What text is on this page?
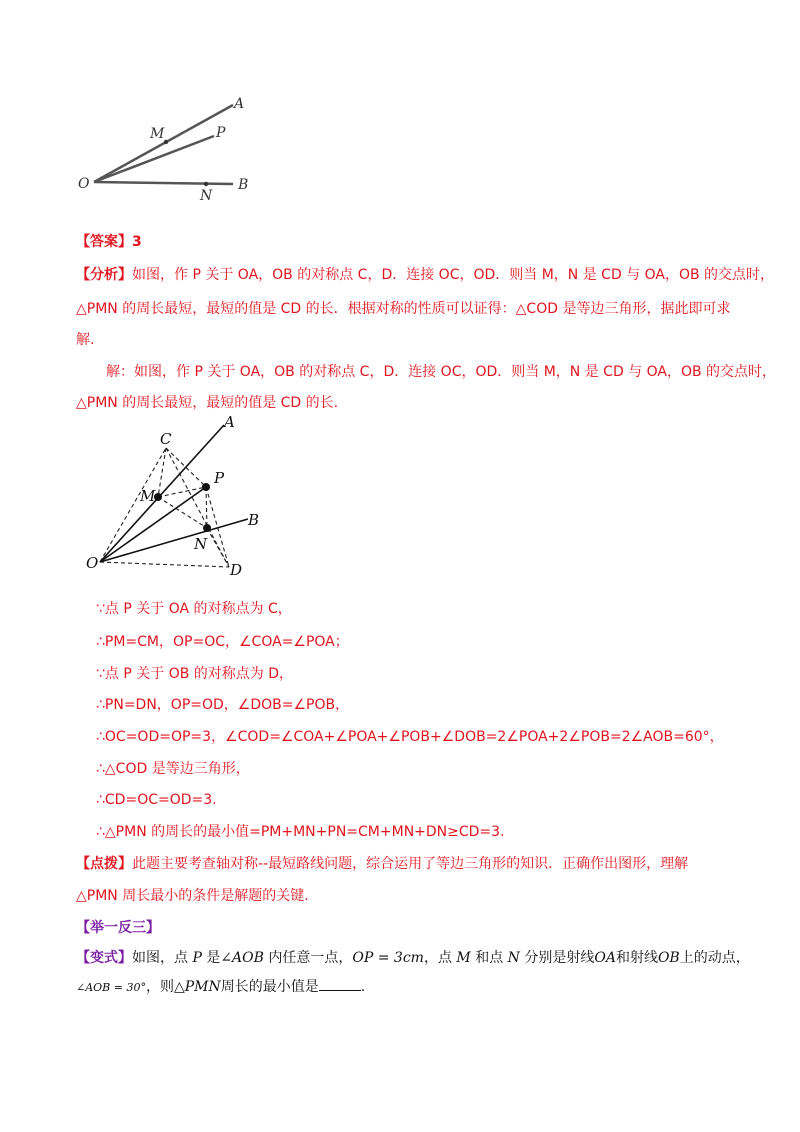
A
M	P
O
N
B
【答案】3
【分析】如图，作 P 关于 OA，OB 的对称点 C，D．连接 OC，OD．则当 M，N 是 CD 与 OA，OB 的交点时，
△PMN 的周长最短，最短的值是 CD 的长．根据对称的性质可以证得：△COD 是等边三角形，据此即可求
解.
解：如图，作 P 关于 OA，OB 的对称点 C，D．连接 OC，OD．则当 M，N 是 CD 与 OA，OB 的交点时，
△PMN 的周长最短，最短的值是 CD 的长.
A
C
P
M
B
N
O	D
∵点 P 关于 OA 的对称点为 C，
∴PM=CM，OP=OC，∠COA=∠POA；
∵点 P 关于 OB 的对称点为 D，
∴PN=DN，OP=OD，∠DOB=∠POB，
∴OC=OD=OP=3，∠COD=∠COA+∠POA+∠POB+∠DOB=2∠POA+2∠POB=2∠AOB=60°，
∴△COD 是等边三角形，
∴CD=OC=OD=3.
∴△PMN 的周长的最小值=PM+MN+PN=CM+MN+DN≥CD=3.
【点拨】此题主要考查轴对称--最短路线问题，综合运用了等边三角形的知识．正确作出图形，理解
△PMN 周长最小的条件是解题的关键.
【举一反三】
【变式】如图，点 P 是∠AOB 内任意一点，OP = 3cm，点 M 和点 N 分别是射线OA和射线OB上的动点，
∠AOB = 30°，则△PMN周长的最小值是	.
